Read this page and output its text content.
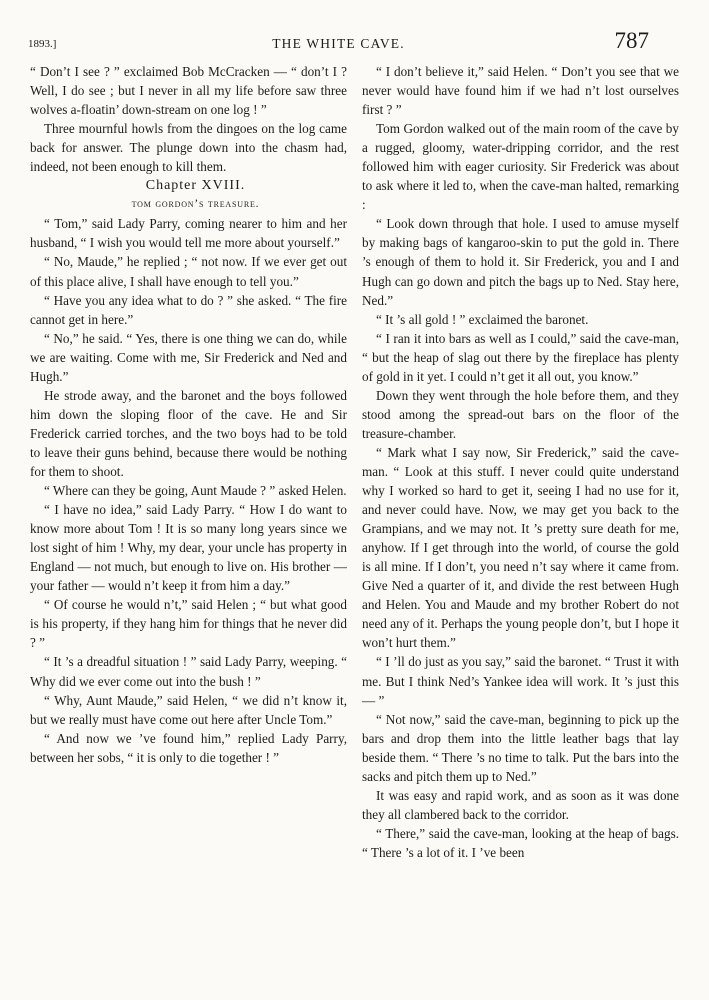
1893.]	THE WHITE CAVE.	787

“ Don’t I see ? ” exclaimed Bob McCracken — “ don’t I ? Well, I do see ; but I never in all my life before saw three wolves a-floatin’ down-stream on one log ! ”

Three mournful howls from the dingoes on the log came back for answer. The plunge down into the chasm had, indeed, not been enough to kill them.

Chapter XVIII.

tom gordon’s treasure.

“ Tom,” said Lady Parry, coming nearer to him and her husband, “ I wish you would tell me more about yourself.”

“ No, Maude,” he replied ; “ not now. If we ever get out of this place alive, I shall have enough to tell you.”

“ Have you any idea what to do ? ” she asked. “ The fire cannot get in here.”

“ No,” he said. “ Yes, there is one thing we can do, while we are waiting. Come with me, Sir Frederick and Ned and Hugh.”

He strode away, and the baronet and the boys followed him down the sloping floor of the cave. He and Sir Frederick carried torches, and the two boys had to be told to leave their guns behind, because there would be nothing for them to shoot.

“ Where can they be going, Aunt Maude ? ” asked Helen.

“ I have no idea,” said Lady Parry. “ How I do want to know more about Tom ! It is so many long years since we lost sight of him ! Why, my dear, your uncle has property in England — not much, but enough to live on. His brother — your father — would n’t keep it from him a day.”

“ Of course he would n’t,” said Helen ; “ but what good is his property, if they hang him for things that he never did ? ”

“ It ’s a dreadful situation ! ” said Lady Parry, weeping. “ Why did we ever come out into the bush ! ”

“ Why, Aunt Maude,” said Helen, “ we did n’t know it, but we really must have come out here after Uncle Tom.”

“ And now we ’ve found him,” replied Lady Parry, between her sobs, “ it is only to die together ! ”

“ I don’t believe it,” said Helen. “ Don’t you see that we never would have found him if we had n’t lost ourselves first ? ”

Tom Gordon walked out of the main room of the cave by a rugged, gloomy, water-dripping corridor, and the rest followed him with eager curiosity. Sir Frederick was about to ask where it led to, when the cave-man halted, remarking :

“ Look down through that hole. I used to amuse myself by making bags of kangaroo-skin to put the gold in. There ’s enough of them to hold it. Sir Frederick, you and I and Hugh can go down and pitch the bags up to Ned. Stay here, Ned.”

“ It ’s all gold ! ” exclaimed the baronet.

“ I ran it into bars as well as I could,” said the cave-man, “ but the heap of slag out there by the fireplace has plenty of gold in it yet. I could n’t get it all out, you know.”

Down they went through the hole before them, and they stood among the spread-out bars on the floor of the treasure-chamber.

“ Mark what I say now, Sir Frederick,” said the cave-man. “ Look at this stuff. I never could quite understand why I worked so hard to get it, seeing I had no use for it, and never could have. Now, we may get you back to the Grampians, and we may not. It ’s pretty sure death for me, anyhow. If I get through into the world, of course the gold is all mine. If I don’t, you need n’t say where it came from. Give Ned a quarter of it, and divide the rest between Hugh and Helen. You and Maude and my brother Robert do not need any of it. Perhaps the young people don’t, but I hope it won’t hurt them.”

“ I ’ll do just as you say,” said the baronet. “ Trust it with me. But I think Ned’s Yankee idea will work. It ’s just this — ”

“ Not now,” said the cave-man, beginning to pick up the bars and drop them into the little leather bags that lay beside them. “ There ’s no time to talk. Put the bars into the sacks and pitch them up to Ned.”

It was easy and rapid work, and as soon as it was done they all clambered back to the corridor.

“ There,” said the cave-man, looking at the heap of bags. “ There ’s a lot of it. I ’ve been
